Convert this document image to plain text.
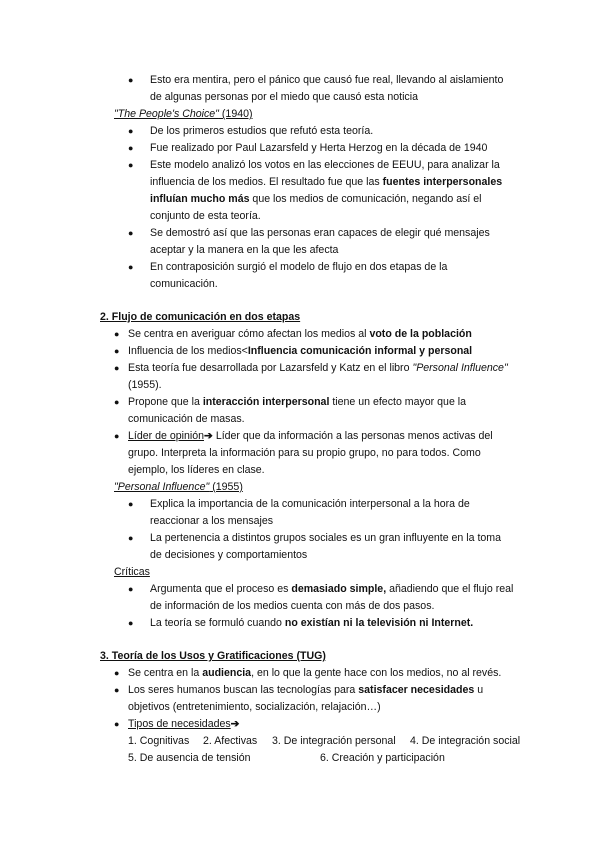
● Esto era mentira, pero el pánico que causó fue real, llevando al aislamiento
de algunas personas por el miedo que causó esta noticia
"The People's Choice" (1940)
● De los primeros estudios que refutó esta teoría.
● Fue realizado por Paul Lazarsfeld y Herta Herzog en la década de 1940
● Este modelo analizó los votos en las elecciones de EEUU, para analizar la
influencia de los medios. El resultado fue que las fuentes interpersonales
influían mucho más que los medios de comunicación, negando así el
conjunto de esta teoría.
● Se demostró así que las personas eran capaces de elegir qué mensajes
aceptar y la manera en la que les afecta
● En contraposición surgió el modelo de flujo en dos etapas de la
comunicación.
2. Flujo de comunicación en dos etapas
● Se centra en averiguar cómo afectan los medios al voto de la población
● Influencia de los medios<Influencia comunicación informal y personal
● Esta teoría fue desarrollada por Lazarsfeld y Katz en el libro "Personal Influence"
(1955).
● Propone que la interacción interpersonal tiene un efecto mayor que la
comunicación de masas.
● Líder de opinión➔ Líder que da información a las personas menos activas del
grupo. Interpreta la información para su propio grupo, no para todos. Como
ejemplo, los líderes en clase.
"Personal Influence" (1955)
● Explica la importancia de la comunicación interpersonal a la hora de
reaccionar a los mensajes
● La pertenencia a distintos grupos sociales es un gran influyente en la toma
de decisiones y comportamientos
Críticas
● Argumenta que el proceso es demasiado simple, añadiendo que el flujo real
de información de los medios cuenta con más de dos pasos.
● La teoría se formuló cuando no existían ni la televisión ni Internet.
3. Teoría de los Usos y Gratificaciones (TUG)
● Se centra en la audiencia, en lo que la gente hace con los medios, no al revés.
● Los seres humanos buscan las tecnologías para satisfacer necesidades u
objetivos (entretenimiento, socialización, relajación…)
● Tipos de necesidades➔
1. Cognitivas 2. Afectivas 3. De integración personal 4. De integración social
5. De ausencia de tensión	6. Creación y participación
